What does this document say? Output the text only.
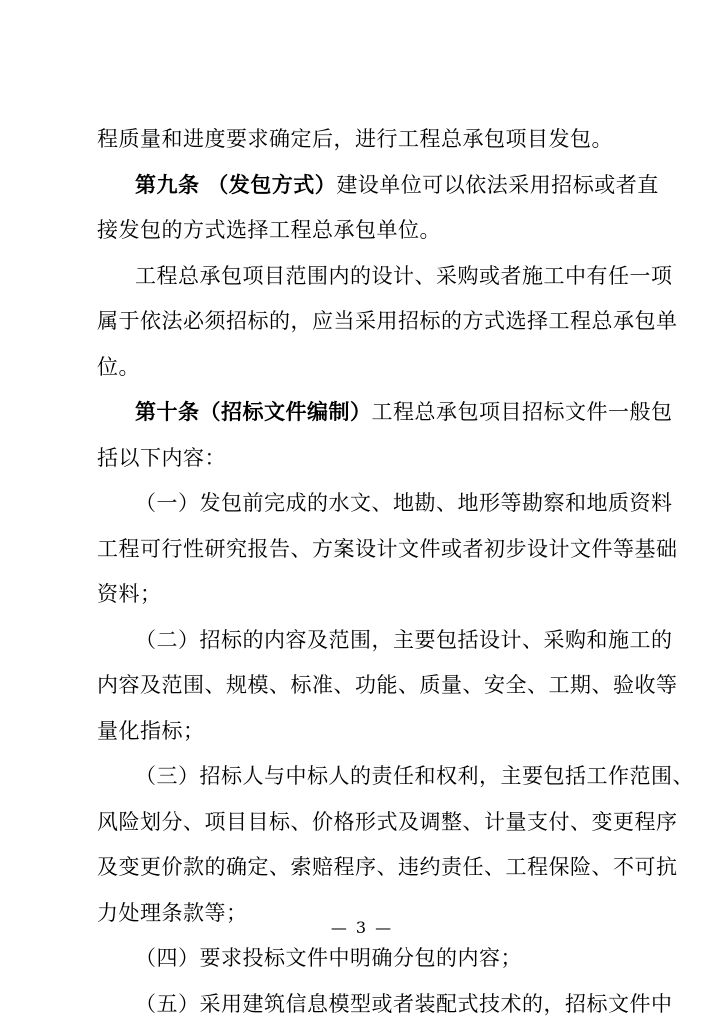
程质量和进度要求确定后，进行工程总承包项目发包。
第九条 （发包方式）建设单位可以依法采用招标或者直
接发包的方式选择工程总承包单位。
工程总承包项目范围内的设计、采购或者施工中有任一项
属于依法必须招标的，应当采用招标的方式选择工程总承包单
位。
第十条（招标文件编制）工程总承包项目招标文件一般包
括以下内容：
（一）发包前完成的水文、地勘、地形等勘察和地质资料
工程可行性研究报告、方案设计文件或者初步设计文件等基础
资料；
（二）招标的内容及范围，主要包括设计、采购和施工的
内容及范围、规模、标准、功能、质量、安全、工期、验收等
量化指标；
（三）招标人与中标人的责任和权利，主要包括工作范围、
风险划分、项目目标、价格形式及调整、计量支付、变更程序
及变更价款的确定、索赔程序、违约责任、工程保险、不可抗
力处理条款等；
（四）要求投标文件中明确分包的内容；
（五）采用建筑信息模型或者装配式技术的，招标文件中
— 3 —
